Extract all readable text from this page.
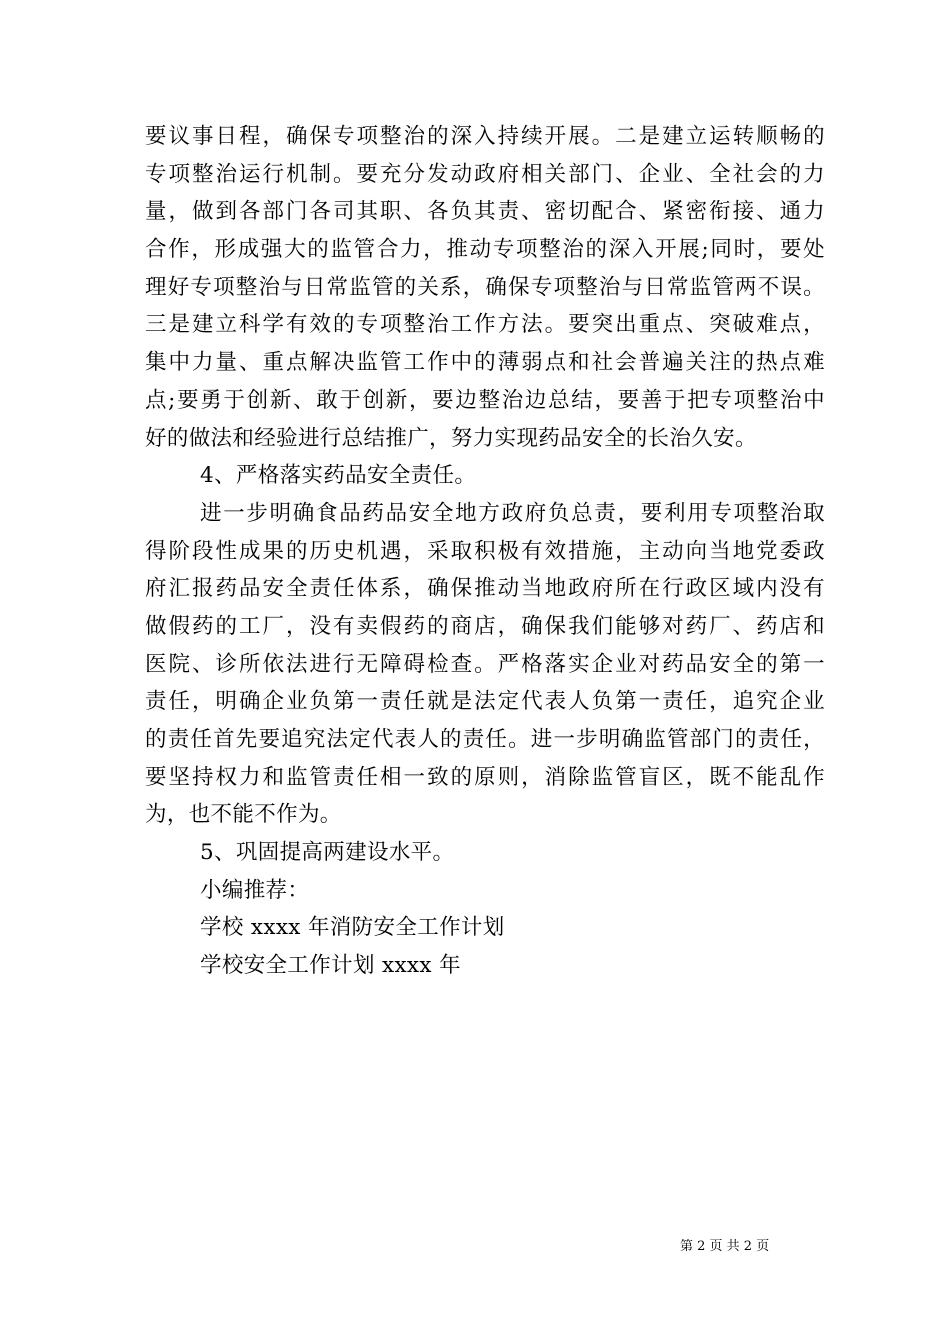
要议事日程，确保专项整治的深入持续开展。二是建立运转顺畅的
专项整治运行机制。要充分发动政府相关部门、企业、全社会的力
量，做到各部门各司其职、各负其责、密切配合、紧密衔接、通力
合作，形成强大的监管合力，推动专项整治的深入开展;同时，要处
理好专项整治与日常监管的关系，确保专项整治与日常监管两不误。
三是建立科学有效的专项整治工作方法。要突出重点、突破难点，
集中力量、重点解决监管工作中的薄弱点和社会普遍关注的热点难
点;要勇于创新、敢于创新，要边整治边总结，要善于把专项整治中
好的做法和经验进行总结推广，努力实现药品安全的长治久安。
4、严格落实药品安全责任。
进一步明确食品药品安全地方政府负总责，要利用专项整治取
得阶段性成果的历史机遇，采取积极有效措施，主动向当地党委政
府汇报药品安全责任体系，确保推动当地政府所在行政区域内没有
做假药的工厂，没有卖假药的商店，确保我们能够对药厂、药店和
医院、诊所依法进行无障碍检查。严格落实企业对药品安全的第一
责任，明确企业负第一责任就是法定代表人负第一责任，追究企业
的责任首先要追究法定代表人的责任。进一步明确监管部门的责任，
要坚持权力和监管责任相一致的原则，消除监管盲区，既不能乱作
为，也不能不作为。
5、巩固提高两建设水平。
小编推荐：
学校 xxxx 年消防安全工作计划
学校安全工作计划 xxxx 年
第 2 页 共 2 页
